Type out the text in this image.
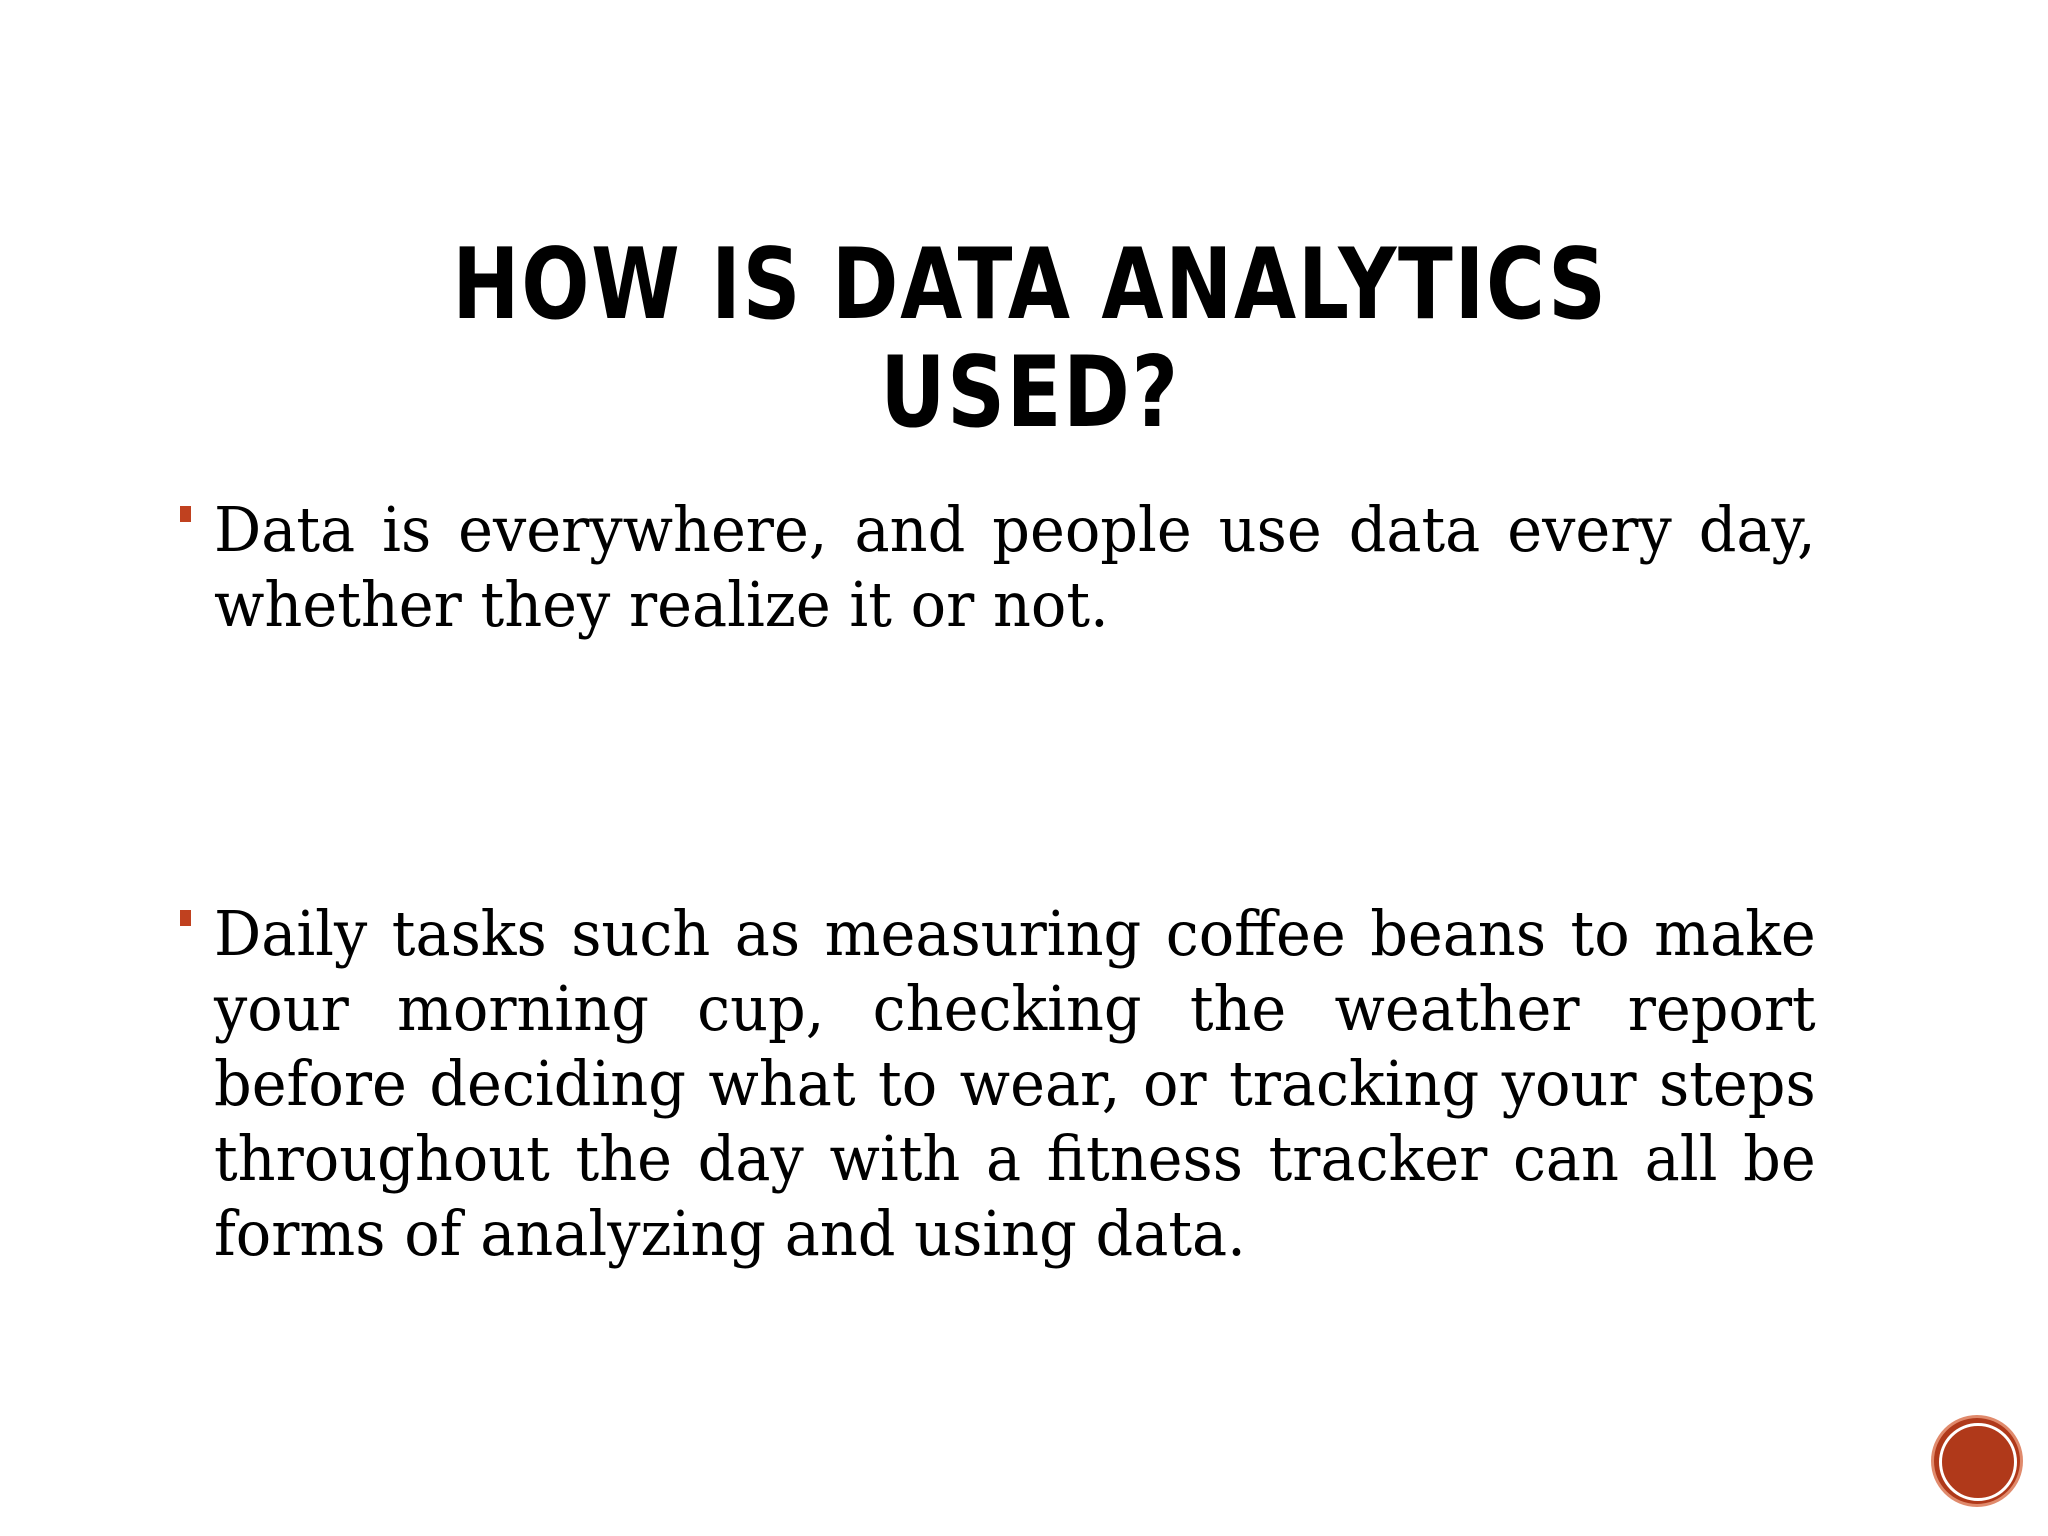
HOW IS DATA ANALYTICS USED?
Data is everywhere, and people use data every day, whether they realize it or not.
Daily tasks such as measuring coffee beans to make your morning cup, checking the weather report before deciding what to wear, or tracking your steps throughout the day with a fitness tracker can all be forms of analyzing and using data.
